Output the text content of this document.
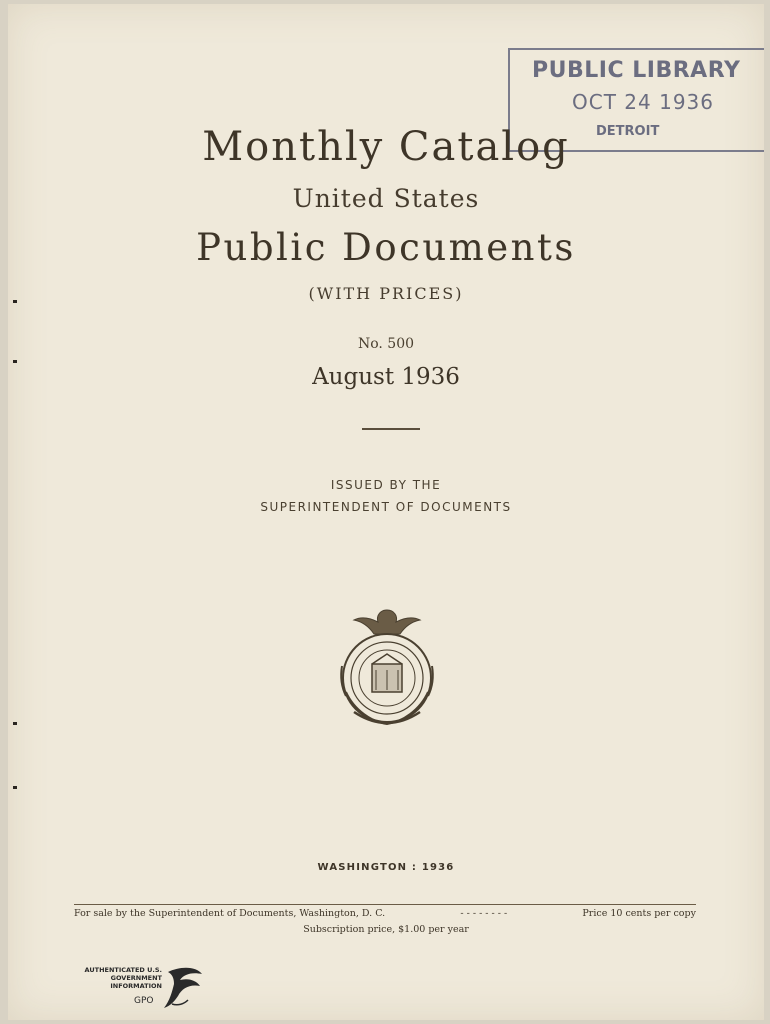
PUBLIC LIBRARY
OCT 24 1936
DETROIT
Monthly Catalog
United States
Public Documents
(WITH PRICES)
No. 500
August 1936
ISSUED BY THE
SUPERINTENDENT OF DOCUMENTS
WASHINGTON : 1936
For sale by the Superintendent of Documents, Washington, D. C.	- - - - - - - -	Price 10 cents per copy
Subscription price, $1.00 per year
AUTHENTICATED U.S. GOVERNMENT INFORMATION
GPO
